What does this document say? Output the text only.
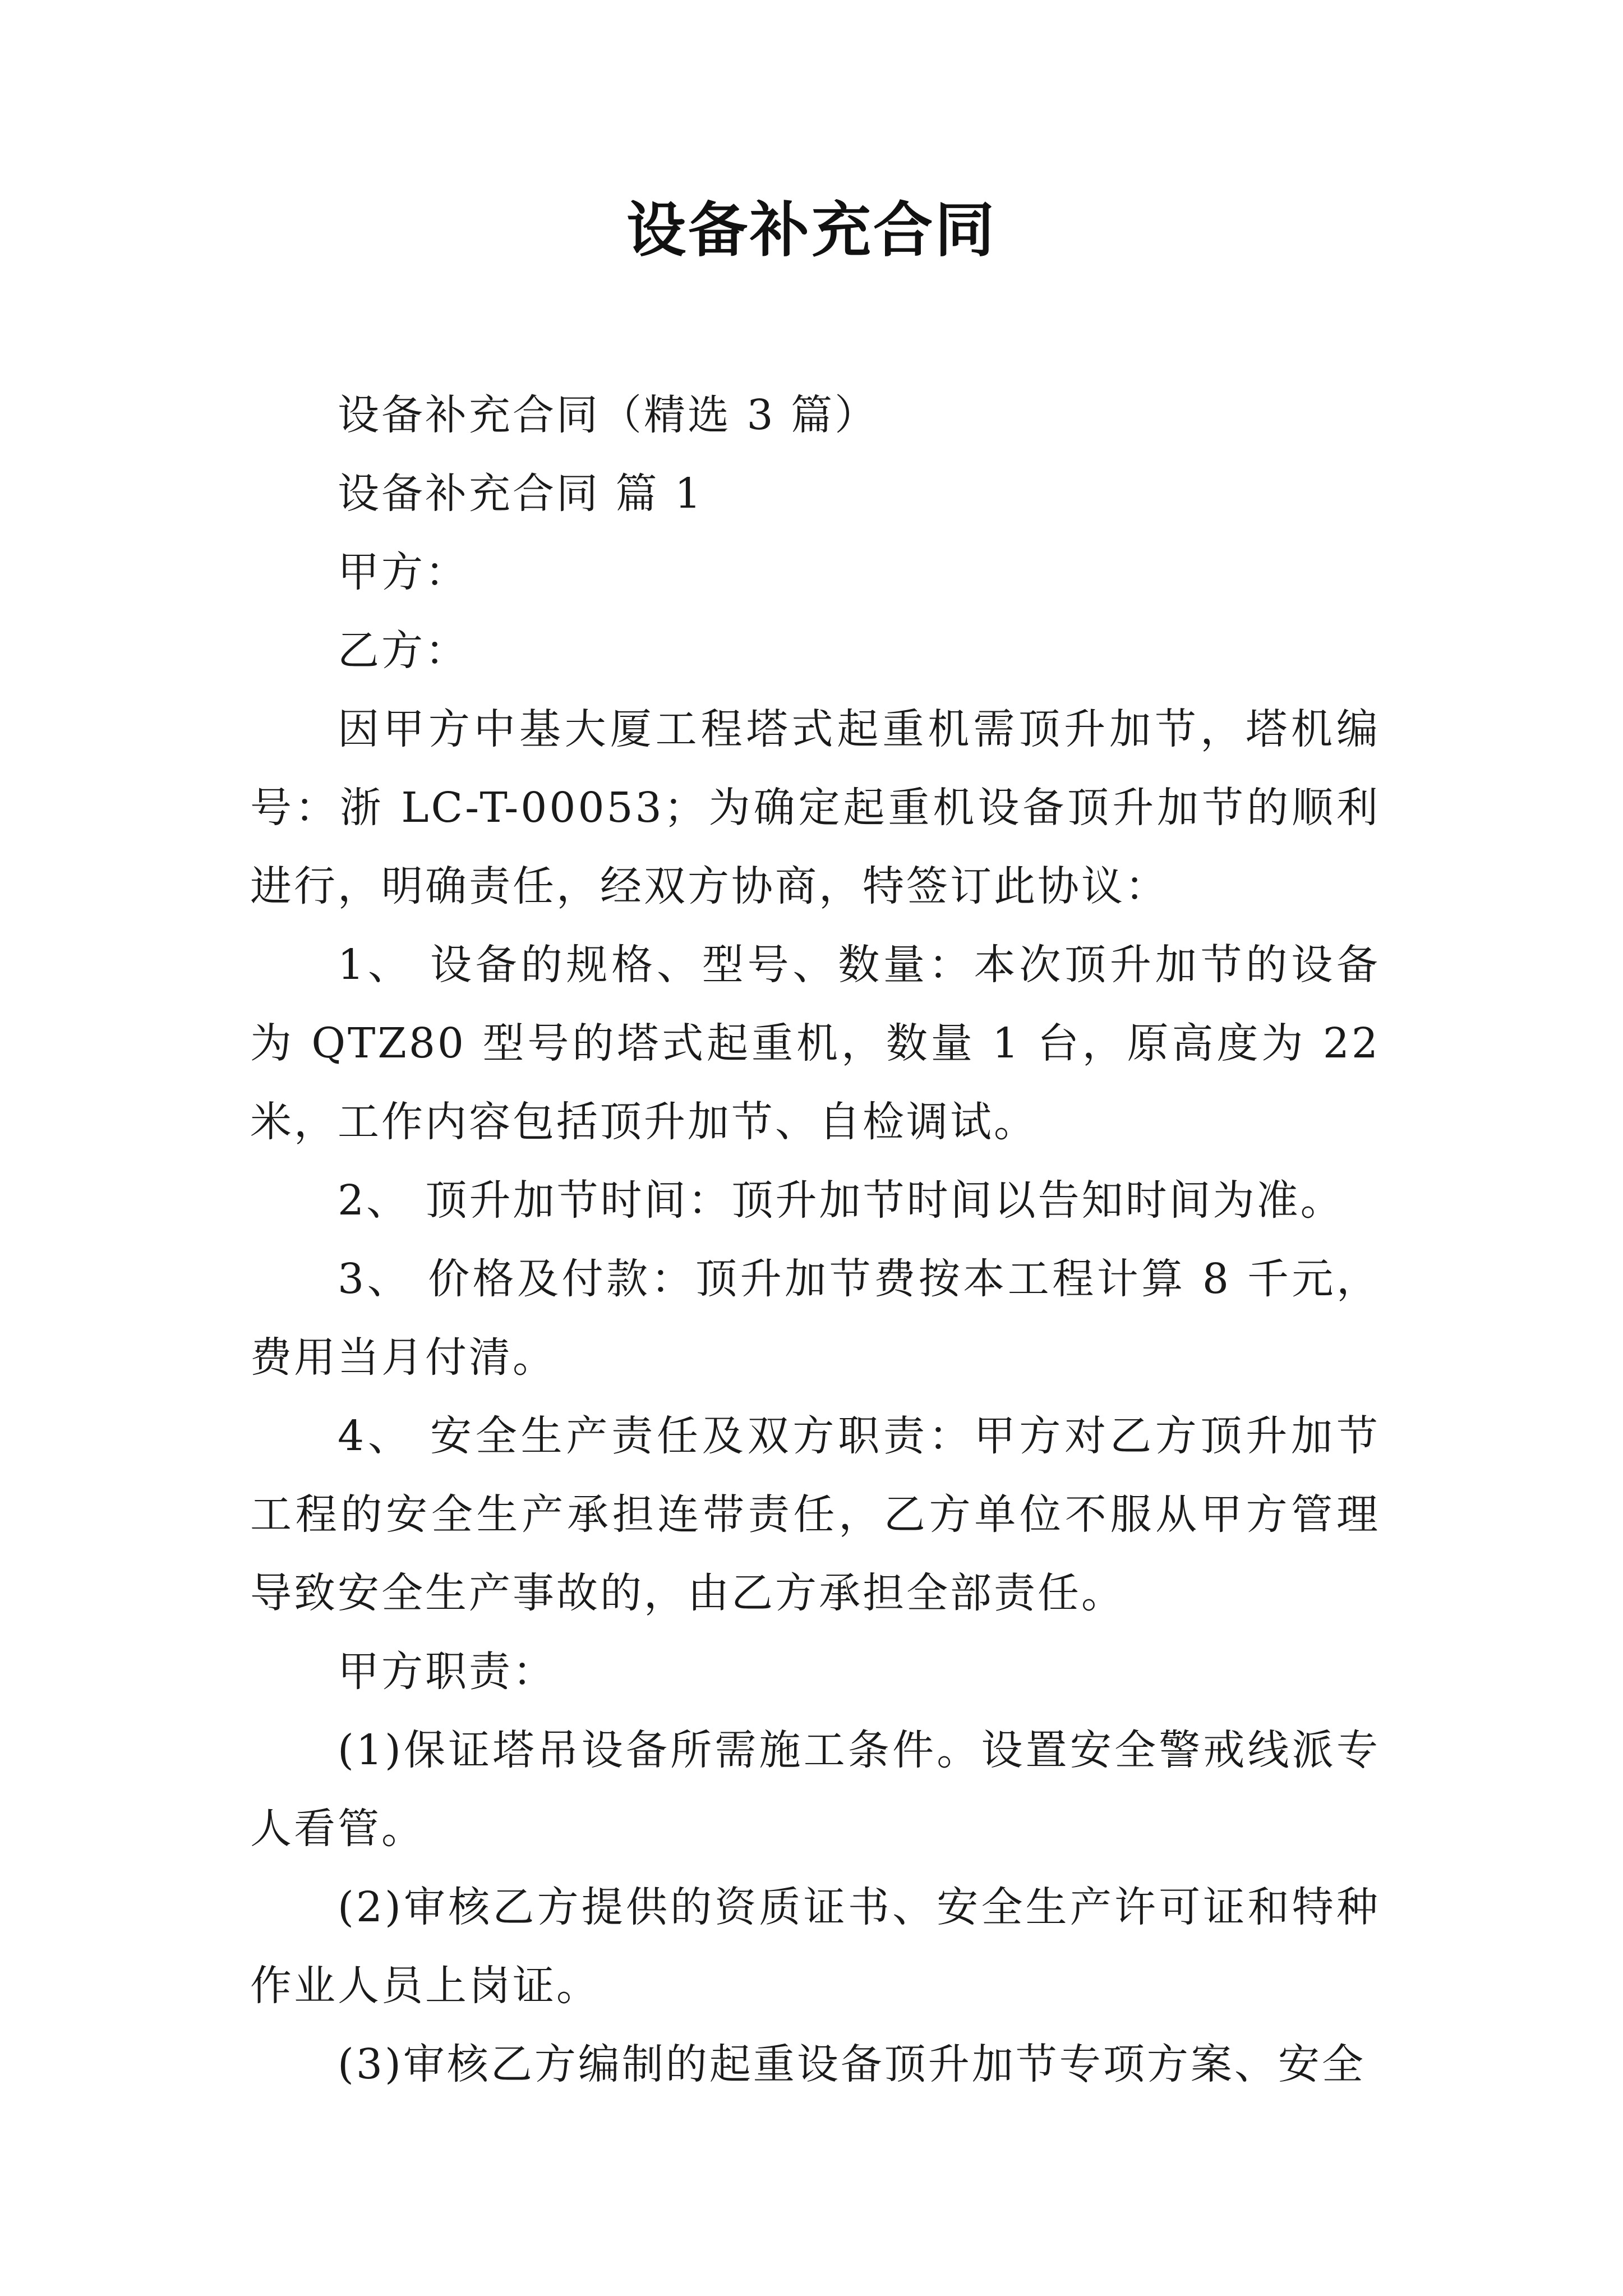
设备补充合同

设备补充合同（精选 3 篇）

设备补充合同 篇 1

甲方：

乙方：

因甲方中基大厦工程塔式起重机需顶升加节，塔机编号：浙 LC-T-00053；为确定起重机设备顶升加节的顺利进行，明确责任，经双方协商，特签订此协议：

1、 设备的规格、型号、数量：本次顶升加节的设备为 QTZ80 型号的塔式起重机，数量 1 台，原高度为 22 米，工作内容包括顶升加节、自检调试。

2、 顶升加节时间：顶升加节时间以告知时间为准。

3、 价格及付款：顶升加节费按本工程计算 8 千元，费用当月付清。

4、 安全生产责任及双方职责：甲方对乙方顶升加节工程的安全生产承担连带责任，乙方单位不服从甲方管理导致安全生产事故的，由乙方承担全部责任。

甲方职责：

(1)保证塔吊设备所需施工条件。设置安全警戒线派专人看管。

(2)审核乙方提供的资质证书、安全生产许可证和特种作业人员上岗证。

(3)审核乙方编制的起重设备顶升加节专项方案、安全
